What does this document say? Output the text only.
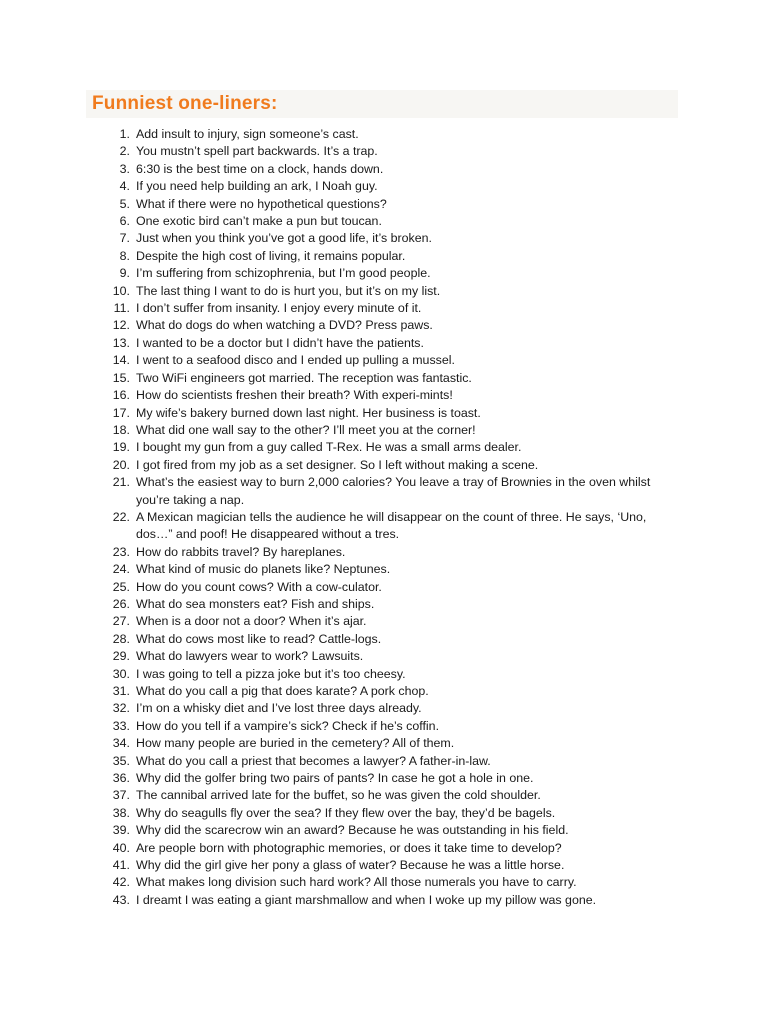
Funniest one-liners:
1 . Add insult to injury, sign someone’s cast.
2 . You mustn’t spell part backwards. It’s a trap.
3 . 6:30 is the best time on a clock, hands down.
4 . If you need help building an ark, I Noah guy.
5 . What if there were no hypothetical questions?
6 . One exotic bird can’t make a pun but toucan.
7 . Just when you think you’ve got a good life, it’s broken.
8 . Despite the high cost of living, it remains popular.
9 . I’m suffering from schizophrenia, but I’m good people.
10 . The last thing I want to do is hurt you, but it’s on my list.
11 . I don’t suffer from insanity. I enjoy every minute of it.
12 . What do dogs do when watching a DVD? Press paws.
13 . I wanted to be a doctor but I didn’t have the patients.
14 . I went to a seafood disco and I ended up pulling a mussel.
15 . Two WiFi engineers got married. The reception was fantastic.
16 . How do scientists freshen their breath? With experi-mints!
17 . My wife’s bakery burned down last night. Her business is toast.
18 . What did one wall say to the other? I’ll meet you at the corner!
19 . I bought my gun from a guy called T-Rex. He was a small arms dealer.
20 . I got fired from my job as a set designer. So I left without making a scene.
21 . What’s the easiest way to burn 2,000 calories? You leave a tray of Brownies in the oven whilst you’re taking a nap.
22 . A Mexican magician tells the audience he will disappear on the count of three. He says, ‘Uno, dos…” and poof! He disappeared without a tres.
23 . How do rabbits travel? By hareplanes.
24 . What kind of music do planets like? Neptunes.
25 . How do you count cows? With a cow-culator.
26 . What do sea monsters eat? Fish and ships.
27 . When is a door not a door? When it’s ajar.
28 . What do cows most like to read? Cattle-logs.
29 . What do lawyers wear to work? Lawsuits.
30 . I was going to tell a pizza joke but it’s too cheesy.
31 . What do you call a pig that does karate? A pork chop.
32 . I’m on a whisky diet and I’ve lost three days already.
33 . How do you tell if a vampire’s sick? Check if he’s coffin.
34 . How many people are buried in the cemetery? All of them.
35 . What do you call a priest that becomes a lawyer? A father-in-law.
36 . Why did the golfer bring two pairs of pants? In case he got a hole in one.
37 . The cannibal arrived late for the buffet, so he was given the cold shoulder.
38 . Why do seagulls fly over the sea? If they flew over the bay, they’d be bagels.
39 . Why did the scarecrow win an award? Because he was outstanding in his field.
40 . Are people born with photographic memories, or does it take time to develop?
41 . Why did the girl give her pony a glass of water? Because he was a little horse.
42 . What makes long division such hard work? All those numerals you have to carry.
43 . I dreamt I was eating a giant marshmallow and when I woke up my pillow was gone.
